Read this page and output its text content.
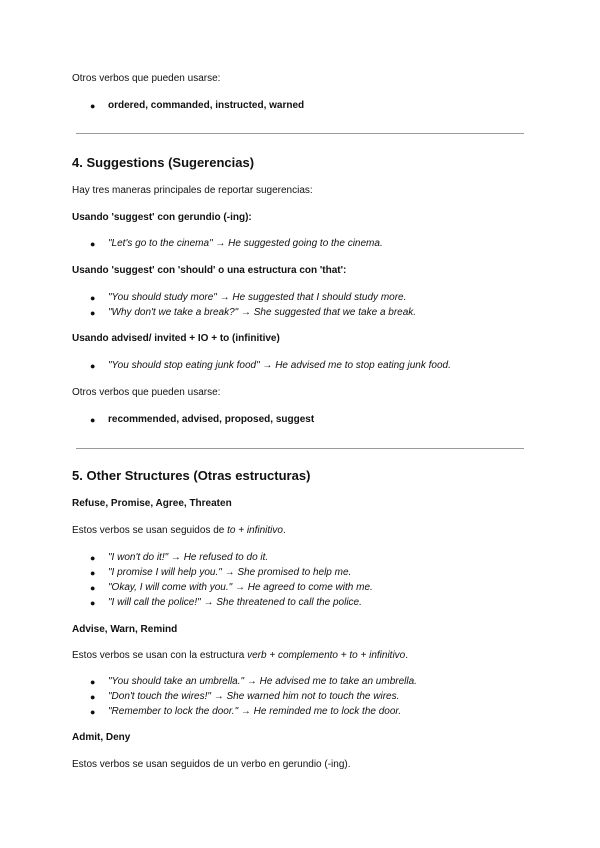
Otros verbos que pueden usarse:
● ordered, commanded, instructed, warned
4. Suggestions (Sugerencias)
Hay tres maneras principales de reportar sugerencias:
Usando 'suggest' con gerundio (-ing):
● "Let's go to the cinema" → He suggested going to the cinema.
Usando 'suggest' con 'should' o una estructura con 'that':
● "You should study more" → He suggested that I should study more.
● "Why don't we take a break?" → She suggested that we take a break.
Usando advised/ invited + IO + to (infinitive)
● "You should stop eating junk food" → He advised me to stop eating junk food.
Otros verbos que pueden usarse:
● recommended, advised, proposed, suggest
5. Other Structures (Otras estructuras)
Refuse, Promise, Agree, Threaten
Estos verbos se usan seguidos de to + infinitivo.
● "I won't do it!" → He refused to do it.
● "I promise I will help you." → She promised to help me.
● "Okay, I will come with you." → He agreed to come with me.
● "I will call the police!" → She threatened to call the police.
Advise, Warn, Remind
Estos verbos se usan con la estructura verb + complemento + to + infinitivo.
● "You should take an umbrella." → He advised me to take an umbrella.
● "Don't touch the wires!" → She warned him not to touch the wires.
● "Remember to lock the door." → He reminded me to lock the door.
Admit, Deny
Estos verbos se usan seguidos de un verbo en gerundio (-ing).
